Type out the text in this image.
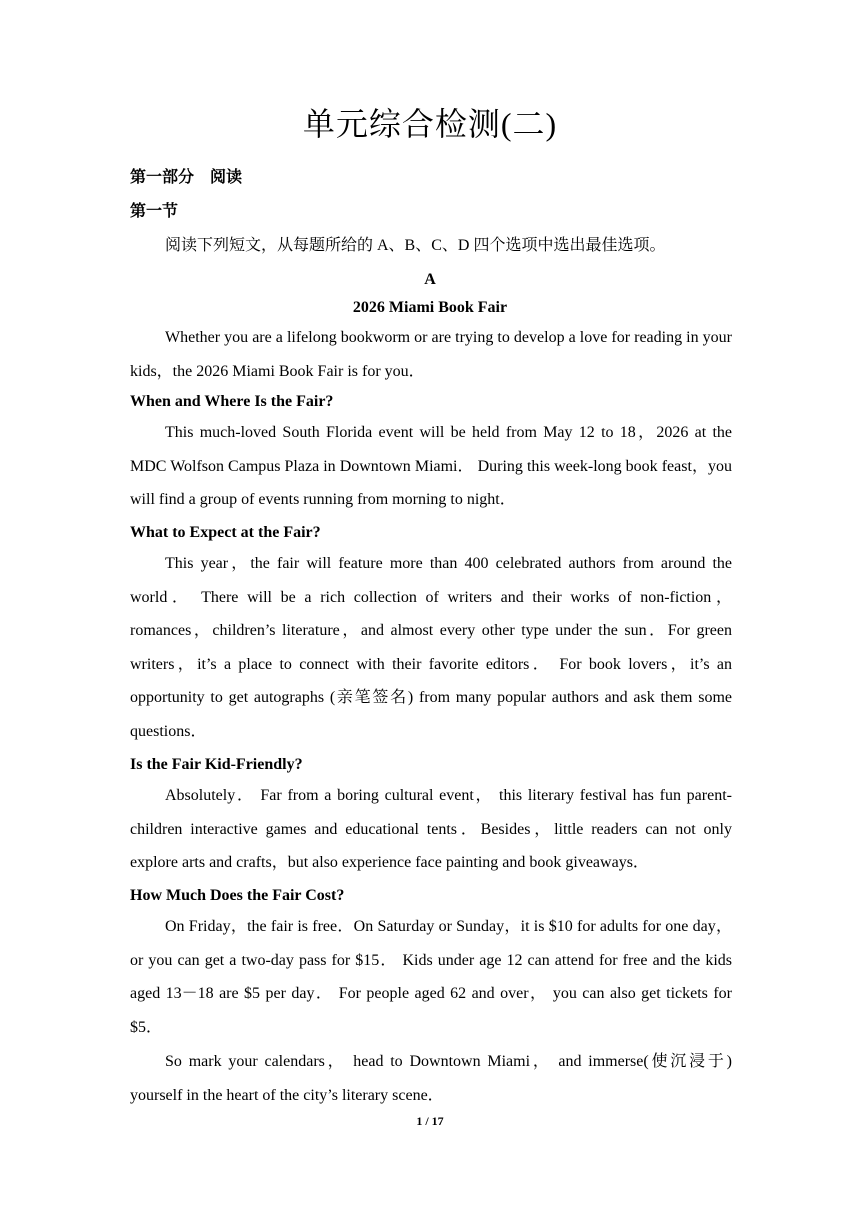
单元综合检测(二)
第一部分　阅读
第一节
阅读下列短文，从每题所给的 A、B、C、D 四个选项中选出最佳选项。
A
2026 Miami Book Fair
Whether you are a lifelong bookworm or are trying to develop a love for reading in your kids，the 2026 Miami Book Fair is for you．
When and Where Is the Fair?
This much-loved South Florida event will be held from May 12 to 18，2026 at the MDC Wolfson Campus Plaza in Downtown Miami． During this week-long book feast，you will find a group of events running from morning to night．
What to Expect at the Fair?
This year，the fair will feature more than 400 celebrated authors from around the world． There will be a rich collection of writers and their works of non-fiction，romances，children’s literature，and almost every other type under the sun．For green writers，it’s a place to connect with their favorite editors． For book lovers，it’s an opportunity to get autographs (亲笔签名) from many popular authors and ask them some questions．
Is the Fair Kid-Friendly?
Absolutely． Far from a boring cultural event， this literary festival has fun parent-children interactive games and educational tents．Besides，little readers can not only explore arts and crafts，but also experience face painting and book giveaways．
How Much Does the Fair Cost?
On Friday，the fair is free．On Saturday or Sunday，it is $10 for adults for one day，or you can get a two-day pass for $15． Kids under age 12 can attend for free and the kids aged 13－18 are $5 per day． For people aged 62 and over， you can also get tickets for $5．
So mark your calendars， head to Downtown Miami， and immerse(使沉浸于) yourself in the heart of the city’s literary scene．
1 / 17
